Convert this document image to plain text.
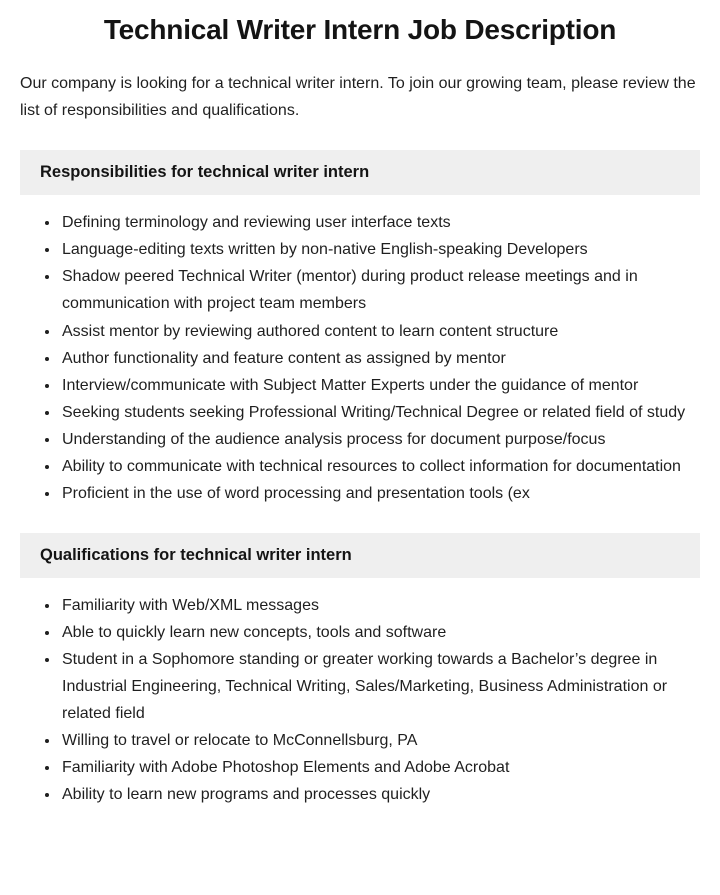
Technical Writer Intern Job Description

Our company is looking for a technical writer intern. To join our growing team, please review the list of responsibilities and qualifications.

Responsibilities for technical writer intern
• Defining terminology and reviewing user interface texts
• Language-editing texts written by non-native English-speaking Developers
• Shadow peered Technical Writer (mentor) during product release meetings and in communication with project team members
• Assist mentor by reviewing authored content to learn content structure
• Author functionality and feature content as assigned by mentor
• Interview/communicate with Subject Matter Experts under the guidance of mentor
• Seeking students seeking Professional Writing/Technical Degree or related field of study
• Understanding of the audience analysis process for document purpose/focus
• Ability to communicate with technical resources to collect information for documentation
• Proficient in the use of word processing and presentation tools (ex
Qualifications for technical writer intern
• Familiarity with Web/XML messages
• Able to quickly learn new concepts, tools and software
• Student in a Sophomore standing or greater working towards a Bachelor’s degree in Industrial Engineering, Technical Writing, Sales/Marketing, Business Administration or related field
• Willing to travel or relocate to McConnellsburg, PA
• Familiarity with Adobe Photoshop Elements and Adobe Acrobat
• Ability to learn new programs and processes quickly
